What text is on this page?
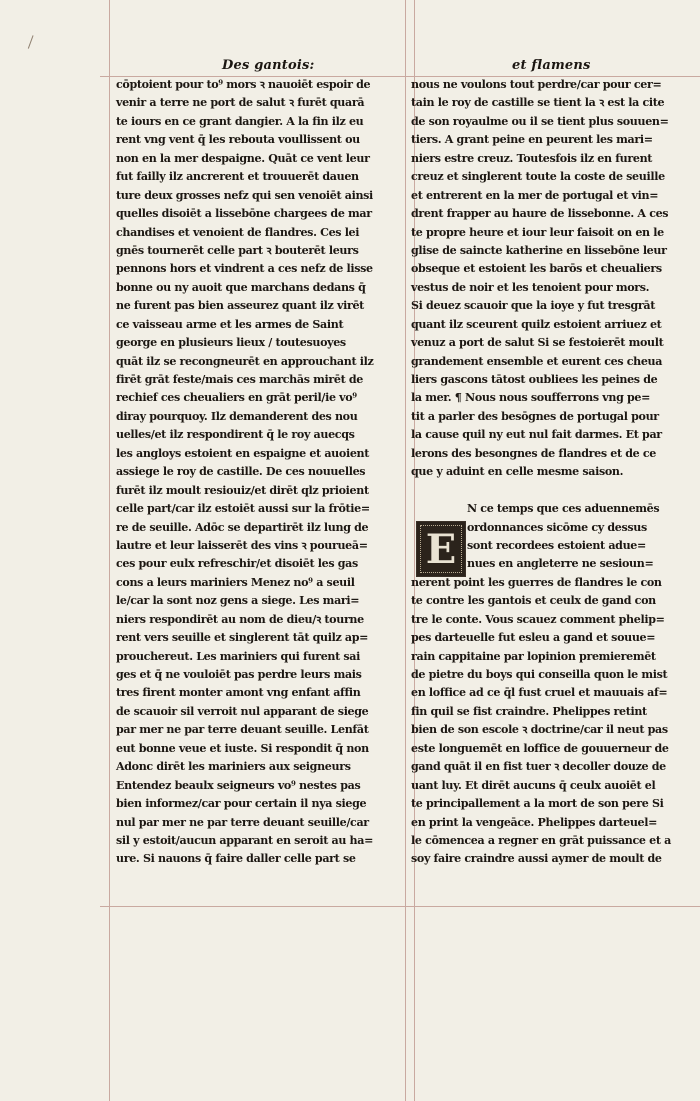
Des gantois:	et flamens
cōptoient pour to⁹ mors ꝛ nauoiēt espoir de
venir a terre ne port de salut ꝛ furēt quarā
te iours en ce grant dangier. A la fin ilz eu
rent vng vent q̄ les rebouta voullissent ou
non en la mer despaigne. Quāt ce vent leur
fut failly ilz ancrerent et trouuerēt dauen
ture deux grosses nefz qui sen venoiēt ainsi
quelles disoiēt a lissebōne chargees de mar
chandises et venoient de flandres. Ces lei
gnēs tournerēt celle part ꝛ bouterēt leurs
pennons hors et vindrent a ces nefz de lisse
bonne ou ny auoit que marchans dedans q̄
ne furent pas bien asseurez quant ilz virēt
ce vaisseau arme et les armes de Saint
george en plusieurs lieux / toutesuoyes
quāt ilz se recongneurēt en approuchant ilz
firēt grāt feste/mais ces marchās mirēt de
rechief ces cheualiers en grāt peril/ie vo⁹
diray pourquoy. Ilz demanderent des nou
uelles/et ilz respondirent q̄ le roy auecqs
les angloys estoient en espaigne et auoient
assiege le roy de castille. De ces nouuelles
furēt ilz moult resiouiz/et dirēt qlz prioient
celle part/car ilz estoiēt aussi sur la frōtie=
re de seuille. Adōc se departirēt ilz lung de
lautre et leur laisserēt des vins ꝛ pourueā=
ces pour eulx refreschir/et disoiēt les gas
cons a leurs mariniers Menez no⁹ a seuil
le/car la sont noz gens a siege. Les mari=
niers respondirēt au nom de dieu/ꝛ tourne
rent vers seuille et singlerent tāt quilz ap=
prouchereut. Les mariniers qui furent sai
ges et q̄ ne vouloiēt pas perdre leurs mais
tres firent monter amont vng enfant affin
de scauoir sil verroit nul apparant de siege
par mer ne par terre deuant seuille. Lenfāt
eut bonne veue et iuste. Si respondit q̄ non
Adonc dirēt les mariniers aux seigneurs
Entendez beaulx seigneurs vo⁹ nestes pas
bien informez/car pour certain il nya siege
nul par mer ne par terre deuant seuille/car
sil y estoit/aucun apparant en seroit au ha=
ure. Si nauons q̄ faire daller celle part se
E
nous ne voulons tout perdre/car pour cer=
tain le roy de castille se tient la ꝛ est la cite
de son royaulme ou il se tient plus souuen=
tiers. A grant peine en peurent les mari=
niers estre creuz. Toutesfois ilz en furent
creuz et singlerent toute la coste de seuille
et entrerent en la mer de portugal et vin=
drent frapper au haure de lissebonne. A ces
te propre heure et iour leur faisoit on en le
glise de saincte katherine en lissebōne leur
obseque et estoient les barōs et cheualiers
vestus de noir et les tenoient pour mors.
Si deuez scauoir que la ioye y fut tresgrāt
quant ilz sceurent quilz estoient arriuez et
venuz a port de salut Si se festoierēt moult
grandement ensemble et eurent ces cheua
liers gascons tātost oubliees les peines de
la mer. ¶ Nous nous soufferrons vng pe=
tit a parler des besōgnes de portugal pour
la cause quil ny eut nul fait darmes. Et par
lerons des besongnes de flandres et de ce
que y aduint en celle mesme saison.
N ce temps que ces aduennemēs
ordonnances sicōme cy dessus
sont recordees estoient adue=
nues en angleterre ne sesioun=
nerent point les guerres de flandres le con
te contre les gantois et ceulx de gand con
tre le conte. Vous scauez comment phelip=
pes darteuelle fut esleu a gand et souue=
rain cappitaine par lopinion premieremēt
de pietre du boys qui conseilla quon le mist
en loffice ad ce q̄l fust cruel et mauuais af=
fin quil se fist craindre. Phelippes retint
bien de son escole ꝛ doctrine/car il neut pas
este longuemēt en loffice de gouuerneur de
gand quāt il en fist tuer ꝛ decoller douze de
uant luy. Et dirēt aucuns q̄ ceulx auoiēt el
te principallement a la mort de son pere Si
en print la vengeāce. Phelippes darteuel=
le cōmencea a regner en grāt puissance et a
soy faire craindre aussi aymer de moult de
